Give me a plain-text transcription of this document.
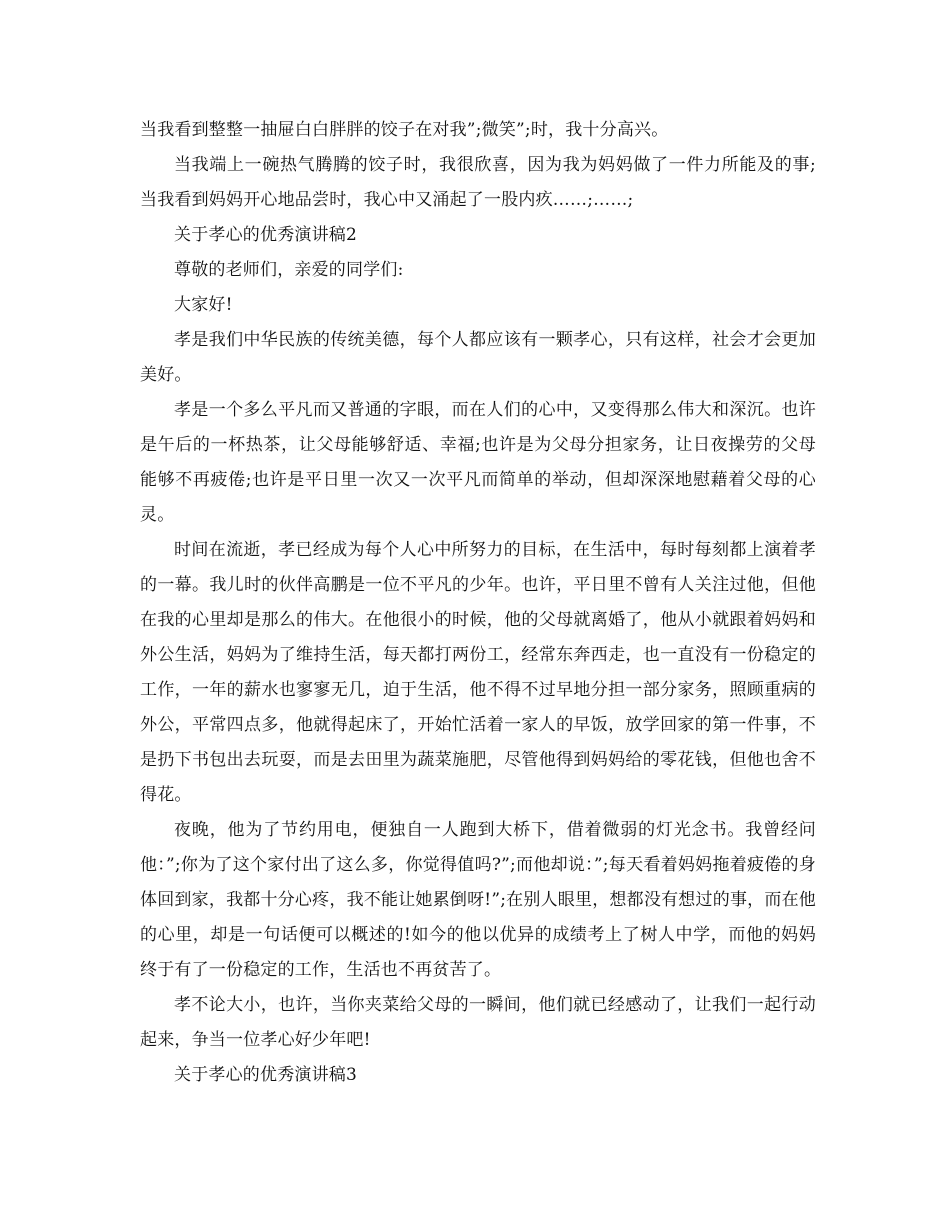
当我看到整整一抽屉白白胖胖的饺子在对我”;微笑”;时，我十分高兴。

当我端上一碗热气腾腾的饺子时，我很欣喜，因为我为妈妈做了一件力所能及的事;当我看到妈妈开心地品尝时，我心中又涌起了一股内疚……;……;

关于孝心的优秀演讲稿2

尊敬的老师们，亲爱的同学们:

大家好!

孝是我们中华民族的传统美德，每个人都应该有一颗孝心，只有这样，社会才会更加美好。

孝是一个多么平凡而又普通的字眼，而在人们的心中，又变得那么伟大和深沉。也许是午后的一杯热茶，让父母能够舒适、幸福;也许是为父母分担家务，让日夜操劳的父母能够不再疲倦;也许是平日里一次又一次平凡而简单的举动，但却深深地慰藉着父母的心灵。

时间在流逝，孝已经成为每个人心中所努力的目标，在生活中，每时每刻都上演着孝的一幕。我儿时的伙伴高鹏是一位不平凡的少年。也许，平日里不曾有人关注过他，但他在我的心里却是那么的伟大。在他很小的时候，他的父母就离婚了，他从小就跟着妈妈和外公生活，妈妈为了维持生活，每天都打两份工，经常东奔西走，也一直没有一份稳定的工作，一年的薪水也寥寥无几，迫于生活，他不得不过早地分担一部分家务，照顾重病的外公，平常四点多，他就得起床了，开始忙活着一家人的早饭，放学回家的第一件事，不是扔下书包出去玩耍，而是去田里为蔬菜施肥，尽管他得到妈妈给的零花钱，但他也舍不得花。

夜晚，他为了节约用电，便独自一人跑到大桥下，借着微弱的灯光念书。我曾经问他：”;你为了这个家付出了这么多，你觉得值吗?”;而他却说：”;每天看着妈妈拖着疲倦的身体回到家，我都十分心疼，我不能让她累倒呀!”;在别人眼里，想都没有想过的事，而在他的心里，却是一句话便可以概述的!如今的他以优异的成绩考上了树人中学，而他的妈妈终于有了一份稳定的工作，生活也不再贫苦了。

孝不论大小，也许，当你夹菜给父母的一瞬间，他们就已经感动了，让我们一起行动起来，争当一位孝心好少年吧!

关于孝心的优秀演讲稿3
